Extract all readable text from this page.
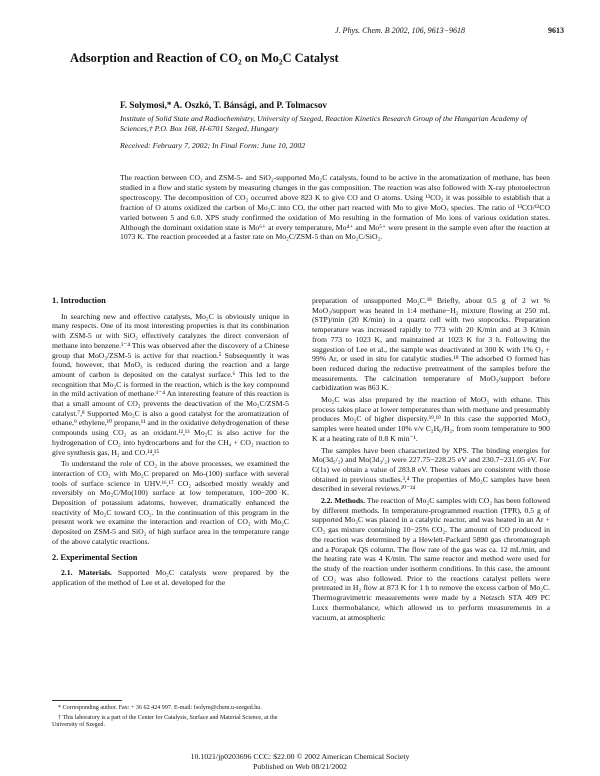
J. Phys. Chem. B 2002, 106, 9613−9618	9613
Adsorption and Reaction of CO₂ on Mo₂C Catalyst
F. Solymosi,* A. Oszkó, T. Bánsági, and P. Tolmacsov
Institute of Solid State and Radiochemistry, University of Szeged, Reaction Kinetics Research Group of the Hungarian Academy of Sciences,† P.O. Box 168, H-6701 Szeged, Hungary
Received: February 7, 2002; In Final Form: June 10, 2002

The reaction between CO₂ and ZSM-5- and SiO₂-supported Mo₂C catalysts, found to be active in the aromatization of methane, has been studied in a flow and static system by measuring changes in the gas composition. The reaction was also followed with X-ray photoelectron spectroscopy. The decomposition of CO₂ occurred above 823 K to give CO and O atoms. Using ¹³CO₂ it was possible to establish that a fraction of O atoms oxidized the carbon of Mo₂C into CO, the other part reacted with Mo to give MoOₓ species. The ratio of ¹³CO/¹²CO varied between 5 and 6.0. XPS study confirmed the oxidation of Mo resulting in the formation of Mo ions of various oxidation states. Although the dominant oxidation state is Mo⁶⁺ at every temperature, Mo⁴⁺ and Mo⁵⁺ were present in the sample even after the reaction at 1073 K. The reaction proceeded at a faster rate on Mo₂C/ZSM-5 than on Mo₂C/SiO₂.

1. Introduction

In searching new and effective catalysts, Mo₂C is obviously unique in many respects. One of its most interesting properties is that its combination with ZSM-5 or with SiO₂ effectively catalyzes the direct conversion of methane into benzene.¹⁻⁴ This was observed after the discovery of a Chinese group that MoO₃/ZSM-5 is active for that reaction.⁵ Subsequently it was found, however, that MoO₃ is reduced during the reaction and a large amount of carbon is deposited on the catalyst surface.⁶ This led to the recognition that Mo₂C is formed in the reaction, which is the key compound in the mild activation of methane.¹⁻⁴ An interesting feature of this reaction is that a small amount of CO₂ prevents the deactivation of the Mo₂C/ZSM-5 catalyst.⁷,⁸ Supported Mo₂C is also a good catalyst for the aromatization of ethane,⁹ ethylene,¹⁰ propane,¹¹ and in the oxidative dehydrogenation of these compounds using CO₂ as an oxidant.¹²,¹³ Mo₂C is also active for the hydrogenation of CO₂ into hydrocarbons and for the CH₄ + CO₂ reaction to give synthesis gas, H₂ and CO.¹⁴,¹⁵

To understand the role of CO₂ in the above processes, we examined the interaction of CO₂ with Mo₂C prepared on Mo-(100) surface with several tools of surface science in UHV.¹⁶,¹⁷ CO₂ adsorbed mostly weakly and reversibly on Mo₂C/Mo(100) surface at low temperature, 100−200 K. Deposition of potassium adatoms, however, dramatically enhanced the reactivity of Mo₂C toward CO₂. In the continuation of this program in the present work we examine the interaction and reaction of CO₂ with Mo₂C deposited on ZSM-5 and SiO₂ of high surface area in the temperature range of the above catalytic reactions.

2. Experimental Section

2.1. Materials. Supported Mo₂C catalysts were prepared by the application of the method of Lee et al. developed for the

preparation of unsupported Mo₂C.¹⁸ Briefly, about 0.5 g of 2 wt % MoO₃/support was heated in 1:4 methane−H₂ mixture flowing at 250 mL (STP)/min (20 K/min) in a quartz cell with two stopcocks. Preparation temperature was increased rapidly to 773 with 20 K/min and at 3 K/min from 773 to 1023 K, and maintained at 1023 K for 3 h. Following the suggestion of Lee et al., the sample was deactivated at 300 K with 1% O₂ + 99% Ar, or used in situ for catalytic studies.¹⁸ The adsorbed O formed has been reduced during the reductive pretreatment of the samples before the measurements. The calcination temperature of MoO₃/support before carbidization was 863 K.

Mo₂C was also prepared by the reaction of MoO₃ with ethane. This process takes place at lower temperatures than with methane and presumably produces Mo₂C of higher dispersity.¹⁹,¹⁹ In this case the supported MoO₃ samples were heated under 10% v/v C₂H₆/H₂, from room temperature to 900 K at a heating rate of 0.8 K min⁻¹.

The samples have been characterized by XPS. The binding energies for Mo(3d₅/₂) and Mo(3d₃/₂) were 227.75−228.25 eV and 230.7−231.05 eV. For C(1s) we obtain a value of 283.8 eV. These values are consistent with those obtained in previous studies.³,⁴ The properties of Mo₂C samples have been described in several reviews.²⁰⁻²⁴

2.2. Methods. The reaction of Mo₂C samples with CO₂ has been followed by different methods. In temperature-programmed reaction (TPR), 0.5 g of supported Mo₂C was placed in a catalytic reactor, and was heated in an Ar + CO₂ gas mixture containing 10−25% CO₂. The amount of CO produced in the reaction was determined by a Hewlett-Packard 5890 gas chromatograph and a Porapak QS column. The flow rate of the gas was ca. 12 mL/min, and the heating rate was 4 K/min. The same reactor and method were used for the study of the reaction under isotherm conditions. In this case, the amount of CO₂ was also followed. Prior to the reactions catalyst pellets were pretreated in H₂ flow at 873 K for 1 h to remove the excess carbon of Mo₂C. Thermogravimetric measurements were made by a Netzsch STA 409 PC Luxx thermobalance, which allowed us to perform measurements in a vacuum, at atmospheric

* Corresponding author. Fax: + 36 62 424 997. E-mail: fsolym@chem.u-szeged.hu.

† This laboratory is a part of the Center for Catalysis, Surface and Material Science, at the University of Szeged.

10.1021/jp0203696 CCC: $22.00 © 2002 American Chemical Society
Published on Web 08/21/2002
